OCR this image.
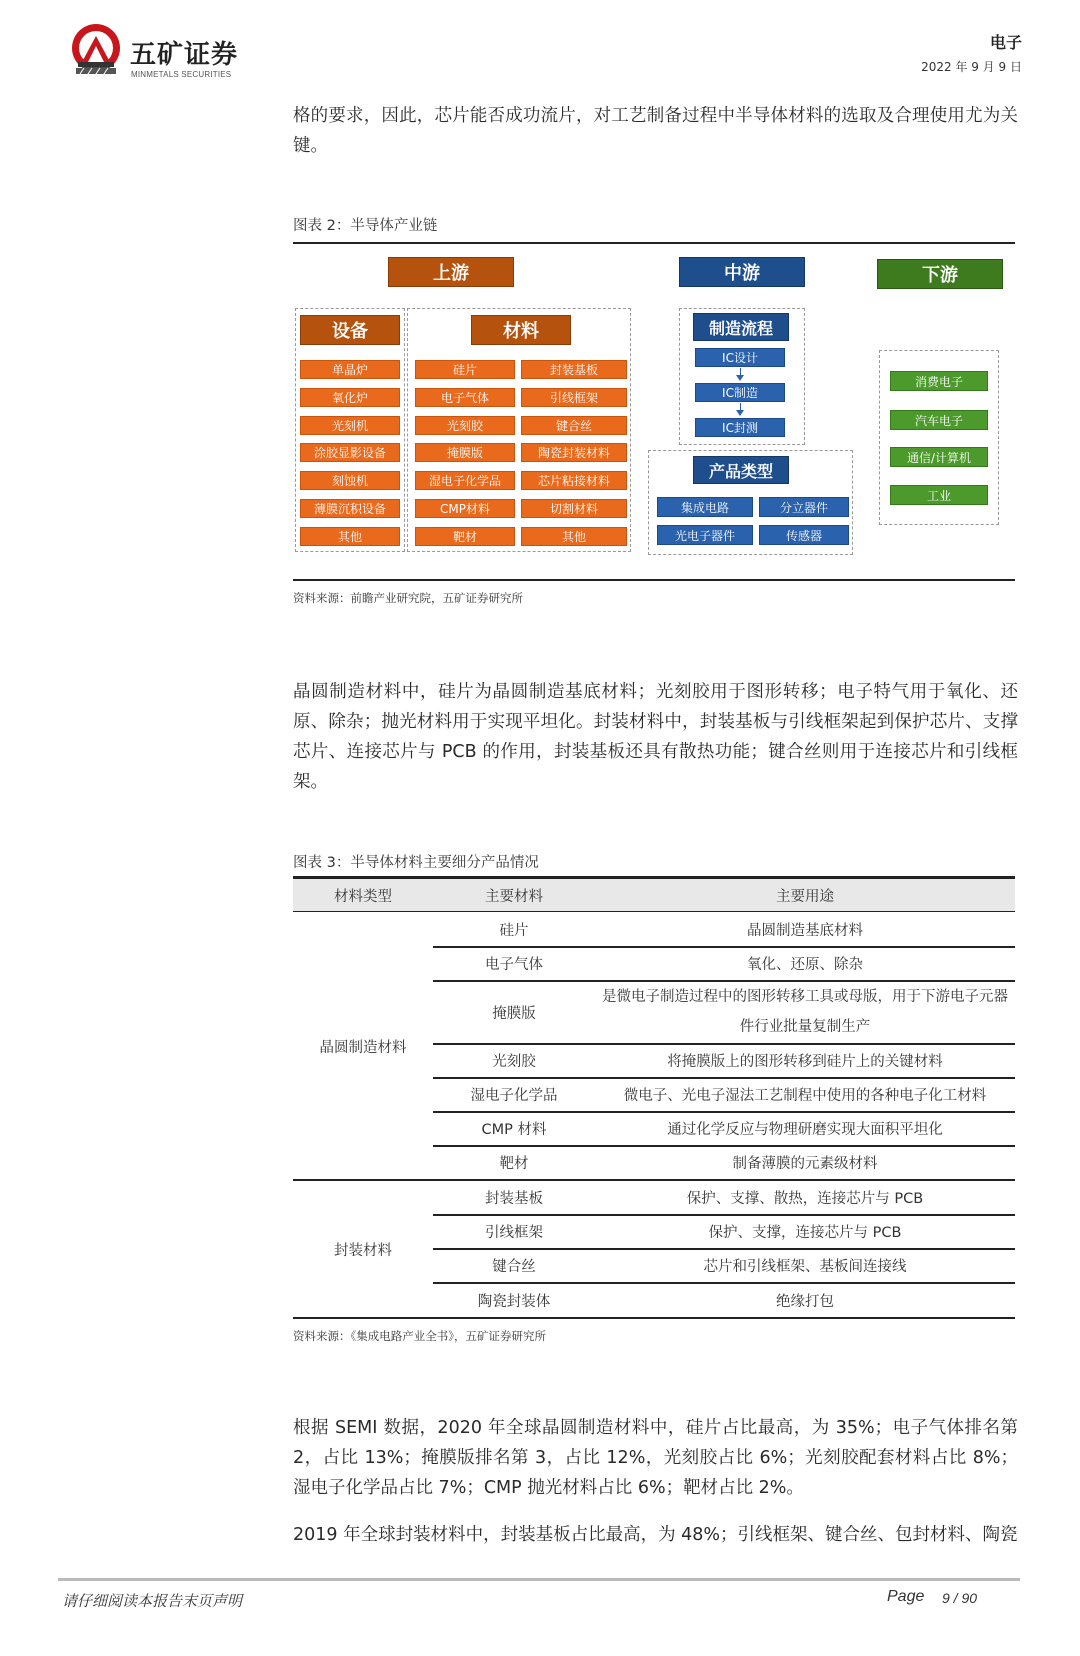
五矿证券
MINMETALS SECURITIES
电子
2022 年 9 月 9 日
格的要求，因此，芯片能否成功流片，对工艺制备过程中半导体材料的选取及合理使用尤为关键。
图表 2：半导体产业链
上游	中游	下游
设备
单晶炉
氧化炉
光刻机
涂胶显影设备
刻蚀机
薄膜沉积设备
其他
材料
硅片
电子气体
光刻胶
掩膜版
湿电子化学品
CMP材料
靶材
封装基板
引线框架
键合丝
陶瓷封装材料
芯片粘接材料
切割材料
其他
制造流程
IC设计
IC制造
IC封测
产品类型
集成电路	分立器件
光电子器件	传感器
消费电子
汽车电子
通信/计算机
工业
资料来源：前瞻产业研究院，五矿证券研究所
晶圆制造材料中，硅片为晶圆制造基底材料；光刻胶用于图形转移；电子特气用于氧化、还原、除杂；抛光材料用于实现平坦化。封装材料中，封装基板与引线框架起到保护芯片、支撑芯片、连接芯片与 PCB 的作用，封装基板还具有散热功能；键合丝则用于连接芯片和引线框架。
图表 3：半导体材料主要细分产品情况
材料类型	主要材料	主要用途
晶圆制造材料
硅片	晶圆制造基底材料
电子气体	氧化、还原、除杂
掩膜版
是微电子制造过程中的图形转移工具或母版，用于下游电子元器件行业批量复制生产
光刻胶	将掩膜版上的图形转移到硅片上的关键材料
湿电子化学品	微电子、光电子湿法工艺制程中使用的各种电子化工材料
CMP 材料	通过化学反应与物理研磨实现大面积平坦化
靶材	制备薄膜的元素级材料
封装材料
封装基板	保护、支撑、散热，连接芯片与 PCB
引线框架	保护、支撑，连接芯片与 PCB
键合丝	芯片和引线框架、基板间连接线
陶瓷封装体	绝缘打包
资料来源：《集成电路产业全书》，五矿证券研究所
根据 SEMI 数据，2020 年全球晶圆制造材料中，硅片占比最高，为 35%；电子气体排名第 2，占比 13%；掩膜版排名第 3，占比 12%，光刻胶占比 6%；光刻胶配套材料占比 8%；湿电子化学品占比 7%；CMP 抛光材料占比 6%；靶材占比 2%。
2019 年全球封装材料中，封装基板占比最高，为 48%；引线框架、键合丝、包封材料、陶瓷
请仔细阅读本报告末页声明	Page 9 / 90
